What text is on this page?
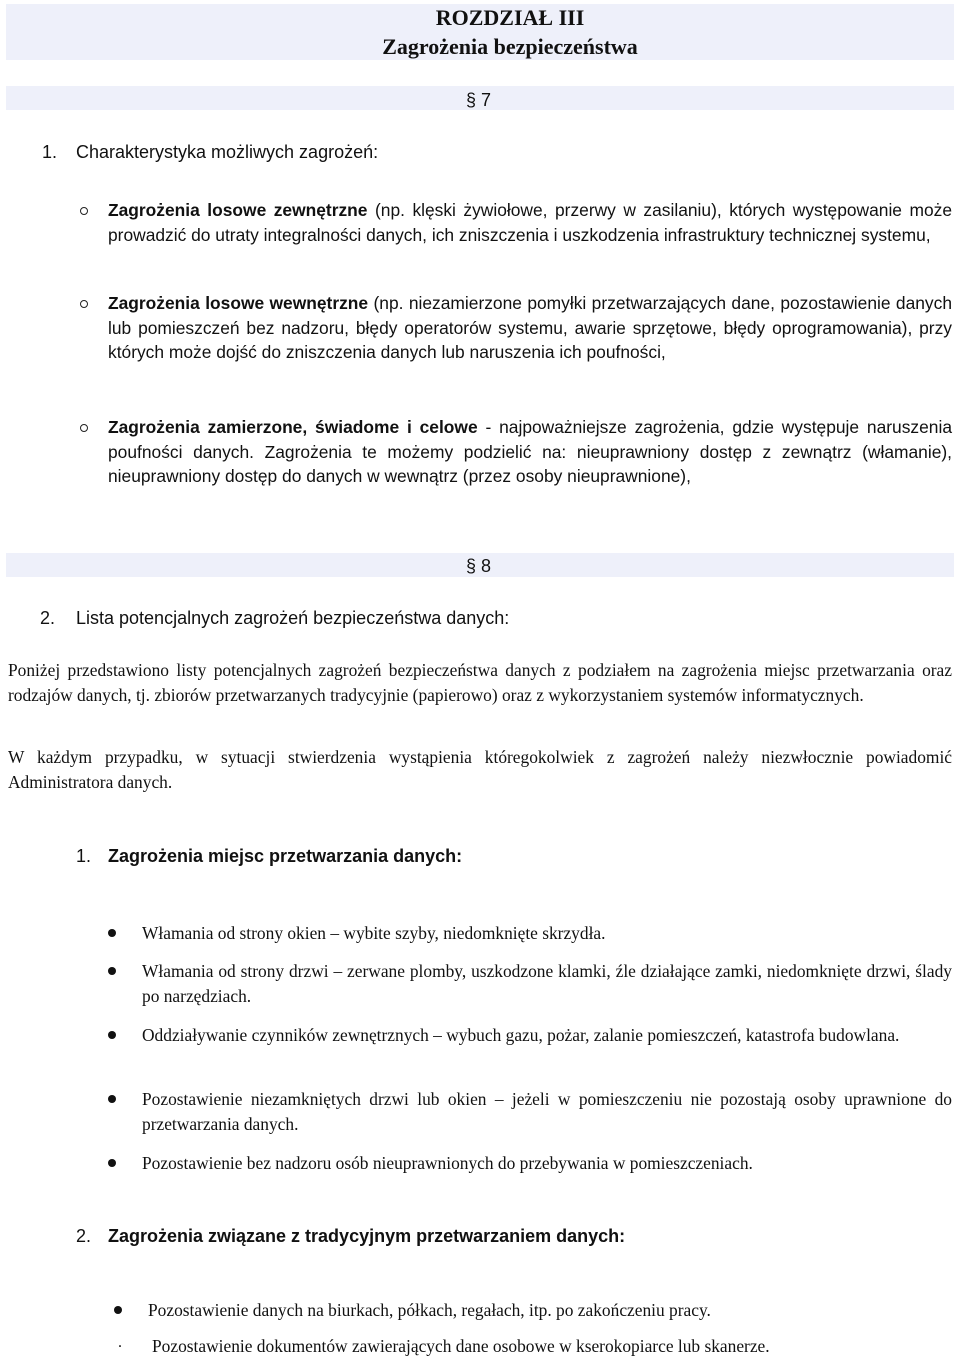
ROZDZIAŁ III
Zagrożenia bezpieczeństwa
§ 7
1. Charakterystyka możliwych zagrożeń:
Zagrożenia losowe zewnętrzne (np. klęski żywiołowe, przerwy w zasilaniu), których występowanie może prowadzić do utraty integralności danych, ich zniszczenia i uszkodzenia infrastruktury technicznej systemu,
Zagrożenia losowe wewnętrzne (np. niezamierzone pomyłki przetwarzających dane, pozostawienie danych lub pomieszczeń bez nadzoru, błędy operatorów systemu, awarie sprzętowe, błędy oprogramowania), przy których może dojść do zniszczenia danych lub naruszenia ich poufności,
Zagrożenia zamierzone, świadome i celowe - najpoważniejsze zagrożenia, gdzie występuje naruszenia poufności danych. Zagrożenia te możemy podzielić na: nieuprawniony dostęp z zewnątrz (włamanie), nieuprawniony dostęp do danych w wewnątrz (przez osoby nieuprawnione),
§ 8
2. Lista potencjalnych zagrożeń bezpieczeństwa danych:
Poniżej przedstawiono listy potencjalnych zagrożeń bezpieczeństwa danych z podziałem na zagrożenia miejsc przetwarzania oraz rodzajów danych, tj. zbiorów przetwarzanych tradycyjnie (papierowo) oraz z wykorzystaniem systemów informatycznych.
W każdym przypadku, w sytuacji stwierdzenia wystąpienia któregokolwiek z zagrożeń należy niezwłocznie powiadomić Administratora danych.
1. Zagrożenia miejsc przetwarzania danych:
Włamania od strony okien – wybite szyby, niedomknięte skrzydła.
Włamania od strony drzwi – zerwane plomby, uszkodzone klamki, źle działające zamki, niedomknięte drzwi, ślady po narzędziach.
Oddziaływanie czynników zewnętrznych – wybuch gazu, pożar, zalanie pomieszczeń, katastrofa budowlana.
Pozostawienie niezamkniętych drzwi lub okien – jeżeli w pomieszczeniu nie pozostają osoby uprawnione do przetwarzania danych.
Pozostawienie bez nadzoru osób nieuprawnionych do przebywania w pomieszczeniach.
2. Zagrożenia związane z tradycyjnym przetwarzaniem danych:
Pozostawienie danych na biurkach, półkach, regałach, itp. po zakończeniu pracy.
. Pozostawienie dokumentów zawierających dane osobowe w kserokopiarce lub skanerze.
